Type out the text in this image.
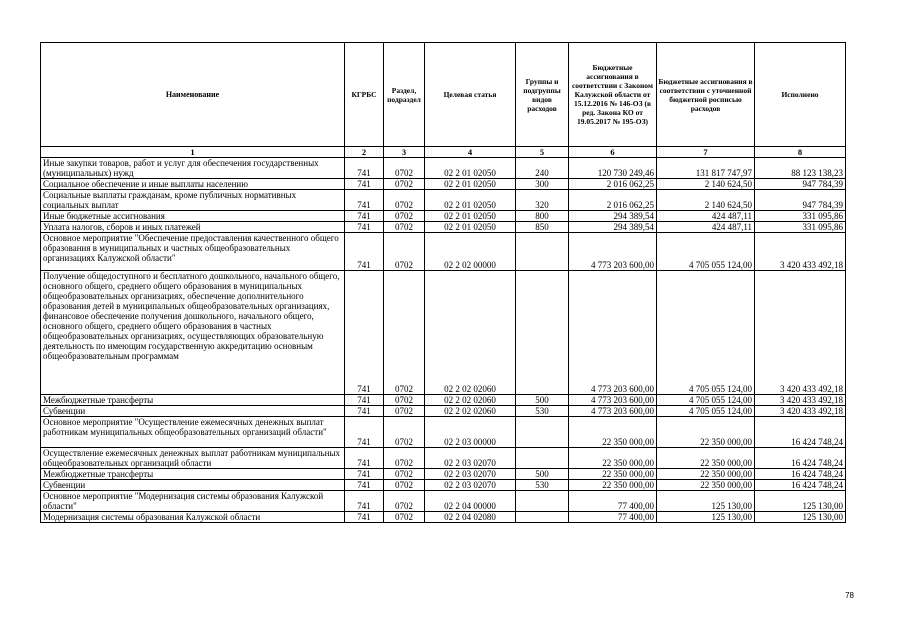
Наименование	КГРБС	Раздел, подраздел	Целевая статья	Группы и подгруппы видов расходов	Бюджетные ассигнования в соответствии с Законом Калужской области от 15.12.2016 № 146-ОЗ (в ред. Закона КО от 19.05.2017 № 195-ОЗ)	Бюджетные ассигнования в соответствии с уточненной бюджетной росписью расходов	Исполнено
1	2	3	4	5	6	7	8
Иные закупки товаров, работ и услуг для обеспечения государственных (муниципальных) нужд	741	0702	02 2 01 02050	240	120 730 249,46	131 817 747,97	88 123 138,23
Социальное обеспечение и иные выплаты населению	741	0702	02 2 01 02050	300	2 016 062,25	2 140 624,50	947 784,39
Социальные выплаты гражданам, кроме публичных нормативных социальных выплат	741	0702	02 2 01 02050	320	2 016 062,25	2 140 624,50	947 784,39
Иные бюджетные ассигнования	741	0702	02 2 01 02050	800	294 389,54	424 487,11	331 095,86
Уплата налогов, сборов и иных платежей	741	0702	02 2 01 02050	850	294 389,54	424 487,11	331 095,86
Основное мероприятие "Обеспечение предоставления качественного общего образования в муниципальных и частных общеобразовательных организациях Калужской области"	741	0702	02 2 02 00000		4 773 203 600,00	4 705 055 124,00	3 420 433 492,18
Получение общедоступного и бесплатного дошкольного, начального общего, основного общего, среднего общего образования в муниципальных общеобразовательных организациях, обеспечение дополнительного образования детей в муниципальных общеобразовательных организациях, финансовое обеспечение получения дошкольного, начального общего, основного общего, среднего общего образования в частных общеобразовательных организациях, осуществляющих образовательную деятельность по имеющим государственную аккредитацию основным общеобразовательным программам	741	0702	02 2 02 02060		4 773 203 600,00	4 705 055 124,00	3 420 433 492,18
Межбюджетные трансферты	741	0702	02 2 02 02060	500	4 773 203 600,00	4 705 055 124,00	3 420 433 492,18
Субвенции	741	0702	02 2 02 02060	530	4 773 203 600,00	4 705 055 124,00	3 420 433 492,18
Основное мероприятие "Осуществление ежемесячных денежных выплат работникам муниципальных общеобразовательных организаций области"	741	0702	02 2 03 00000		22 350 000,00	22 350 000,00	16 424 748,24
Осуществление ежемесячных денежных выплат работникам муниципальных общеобразовательных организаций области	741	0702	02 2 03 02070		22 350 000,00	22 350 000,00	16 424 748,24
Межбюджетные трансферты	741	0702	02 2 03 02070	500	22 350 000,00	22 350 000,00	16 424 748,24
Субвенции	741	0702	02 2 03 02070	530	22 350 000,00	22 350 000,00	16 424 748,24
Основное мероприятие "Модернизация системы образования Калужской области"	741	0702	02 2 04 00000		77 400,00	125 130,00	125 130,00
Модернизация системы образования Калужской области	741	0702	02 2 04 02080		77 400,00	125 130,00	125 130,00
78
